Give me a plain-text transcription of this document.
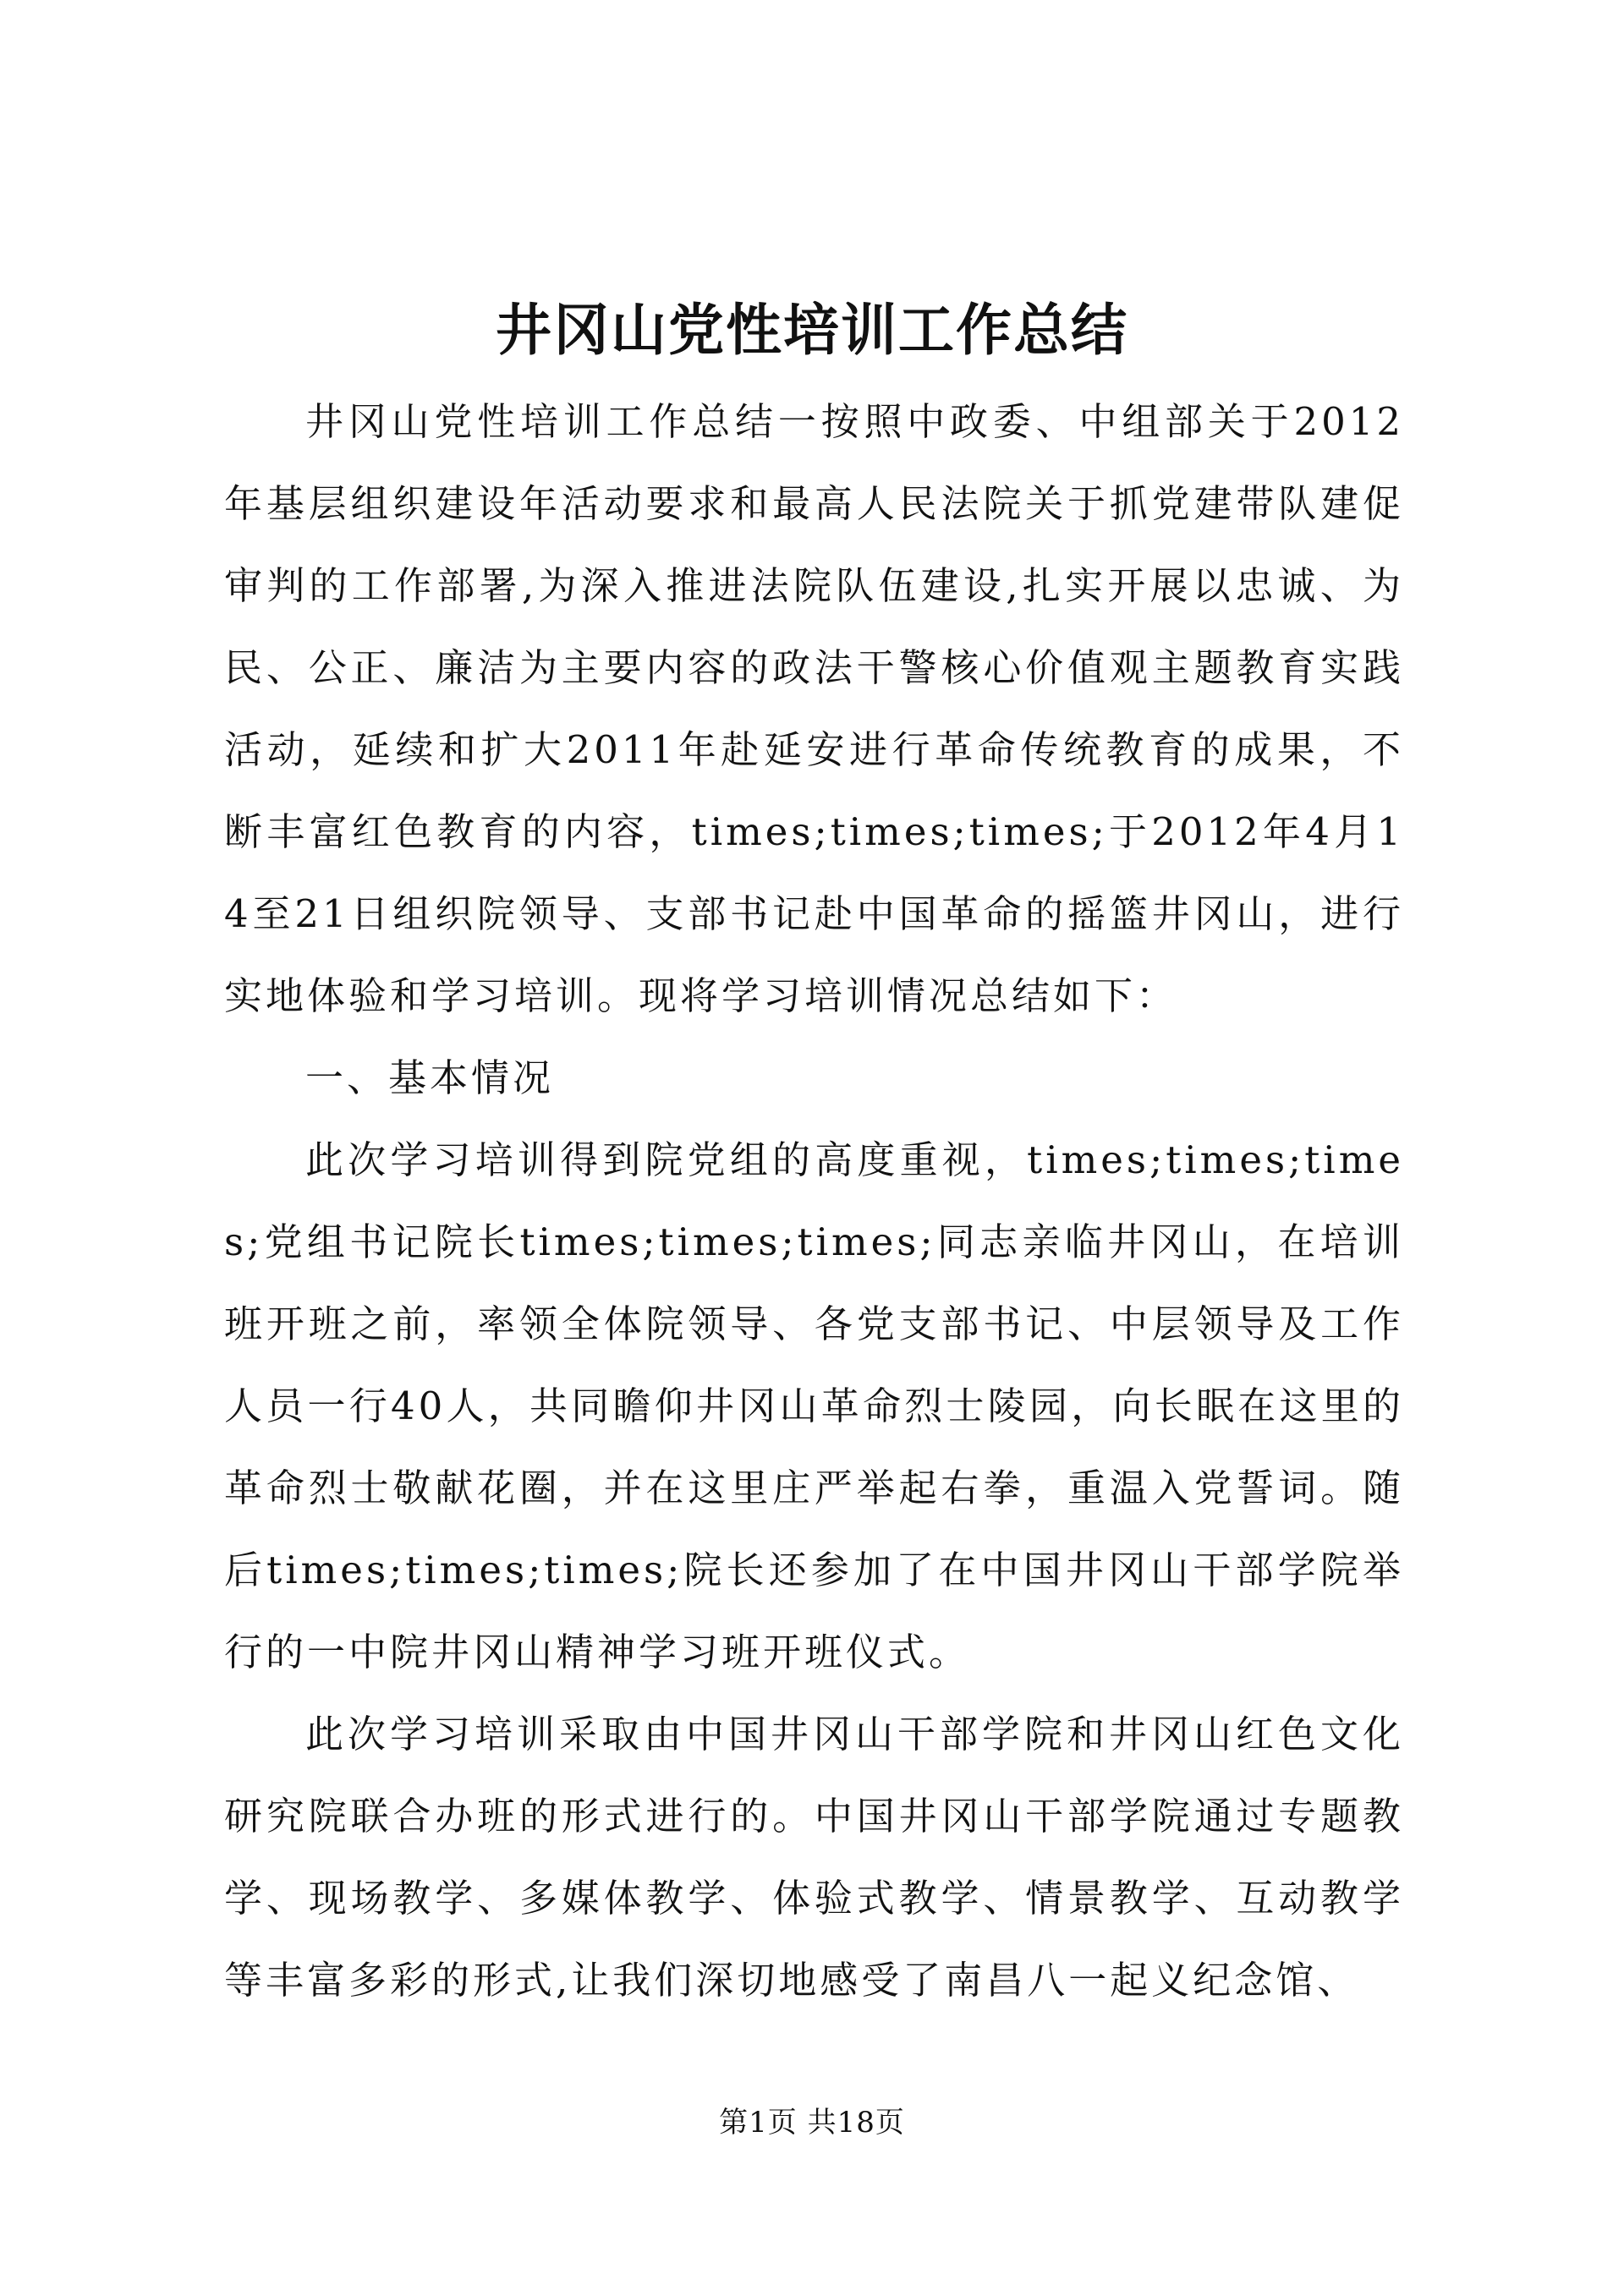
井冈山党性培训工作总结

井冈山党性培训工作总结一按照中政委、中组部关于2012年基层组织建设年活动要求和最高人民法院关于抓党建带队建促审判的工作部署,为深入推进法院队伍建设,扎实开展以忠诚、为民、公正、廉洁为主要内容的政法干警核心价值观主题教育实践活动，延续和扩大2011年赴延安进行革命传统教育的成果，不断丰富红色教育的内容，times;times;times;于2012年4月14至21日组织院领导、支部书记赴中国革命的摇篮井冈山，进行实地体验和学习培训。现将学习培训情况总结如下：

一、基本情况

此次学习培训得到院党组的高度重视，times;times;times;党组书记院长times;times;times;同志亲临井冈山，在培训班开班之前，率领全体院领导、各党支部书记、中层领导及工作人员一行40人，共同瞻仰井冈山革命烈士陵园，向长眠在这里的革命烈士敬献花圈，并在这里庄严举起右拳，重温入党誓词。随后times;times;times;院长还参加了在中国井冈山干部学院举行的一中院井冈山精神学习班开班仪式。

此次学习培训采取由中国井冈山干部学院和井冈山红色文化研究院联合办班的形式进行的。中国井冈山干部学院通过专题教学、现场教学、多媒体教学、体验式教学、情景教学、互动教学等丰富多彩的形式,让我们深切地感受了南昌八一起义纪念馆、

第1页 共18页
